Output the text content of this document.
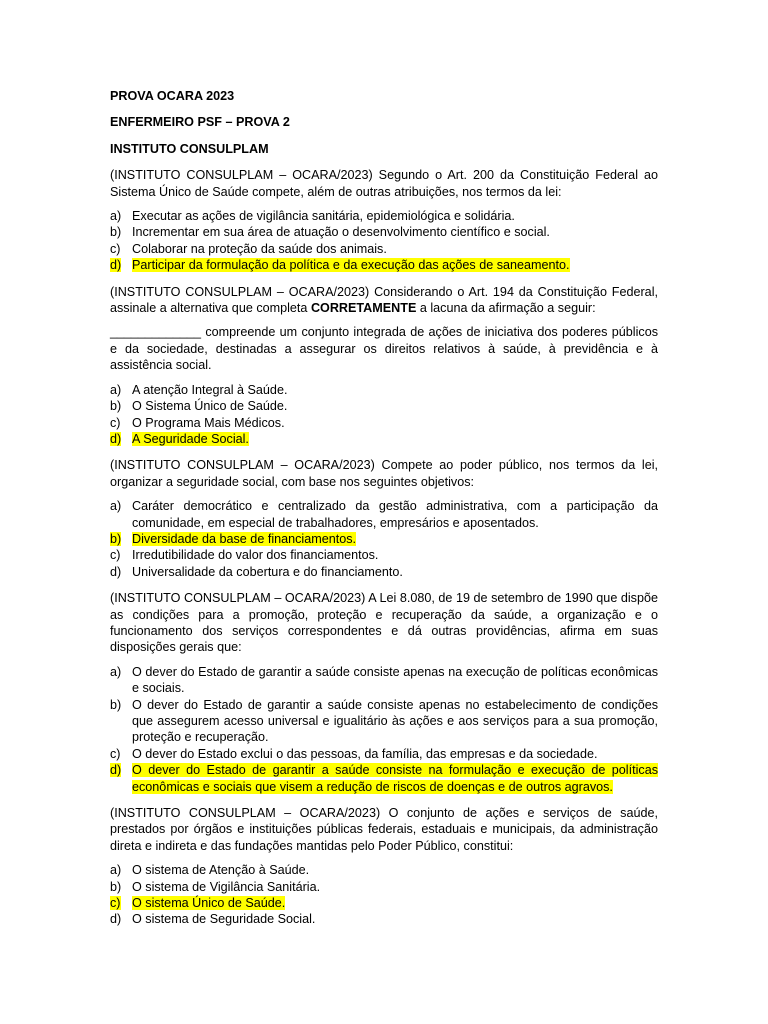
PROVA OCARA 2023

ENFERMEIRO PSF – PROVA 2

INSTITUTO CONSULPLAM

(INSTITUTO CONSULPLAM – OCARA/2023) Segundo o Art. 200 da Constituição Federal ao Sistema Único de Saúde compete, além de outras atribuições, nos termos da lei:

a) Executar as ações de vigilância sanitária, epidemiológica e solidária.
b) Incrementar em sua área de atuação o desenvolvimento científico e social.
c) Colaborar na proteção da saúde dos animais.
d) Participar da formulação da política e da execução das ações de saneamento.

(INSTITUTO CONSULPLAM – OCARA/2023) Considerando o Art. 194 da Constituição Federal, assinale a alternativa que completa CORRETAMENTE a lacuna da afirmação a seguir:

_____________ compreende um conjunto integrada de ações de iniciativa dos poderes públicos e da sociedade, destinadas a assegurar os direitos relativos à saúde, à previdência e à assistência social.

a) A atenção Integral à Saúde.
b) O Sistema Único de Saúde.
c) O Programa Mais Médicos.
d) A Seguridade Social.

(INSTITUTO CONSULPLAM – OCARA/2023) Compete ao poder público, nos termos da lei, organizar a seguridade social, com base nos seguintes objetivos:

a) Caráter democrático e centralizado da gestão administrativa, com a participação da comunidade, em especial de trabalhadores, empresários e aposentados.
b) Diversidade da base de financiamentos.
c) Irredutibilidade do valor dos financiamentos.
d) Universalidade da cobertura e do financiamento.

(INSTITUTO CONSULPLAM – OCARA/2023) A Lei 8.080, de 19 de setembro de 1990 que dispõe as condições para a promoção, proteção e recuperação da saúde, a organização e o funcionamento dos serviços correspondentes e dá outras providências, afirma em suas disposições gerais que:

a) O dever do Estado de garantir a saúde consiste apenas na execução de políticas econômicas e sociais.
b) O dever do Estado de garantir a saúde consiste apenas no estabelecimento de condições que assegurem acesso universal e igualitário às ações e aos serviços para a sua promoção, proteção e recuperação.
c) O dever do Estado exclui o das pessoas, da família, das empresas e da sociedade.
d) O dever do Estado de garantir a saúde consiste na formulação e execução de políticas econômicas e sociais que visem a redução de riscos de doenças e de outros agravos.

(INSTITUTO CONSULPLAM – OCARA/2023) O conjunto de ações e serviços de saúde, prestados por órgãos e instituições públicas federais, estaduais e municipais, da administração direta e indireta e das fundações mantidas pelo Poder Público, constitui:

a) O sistema de Atenção à Saúde.
b) O sistema de Vigilância Sanitária.
c) O sistema Único de Saúde.
d) O sistema de Seguridade Social.
